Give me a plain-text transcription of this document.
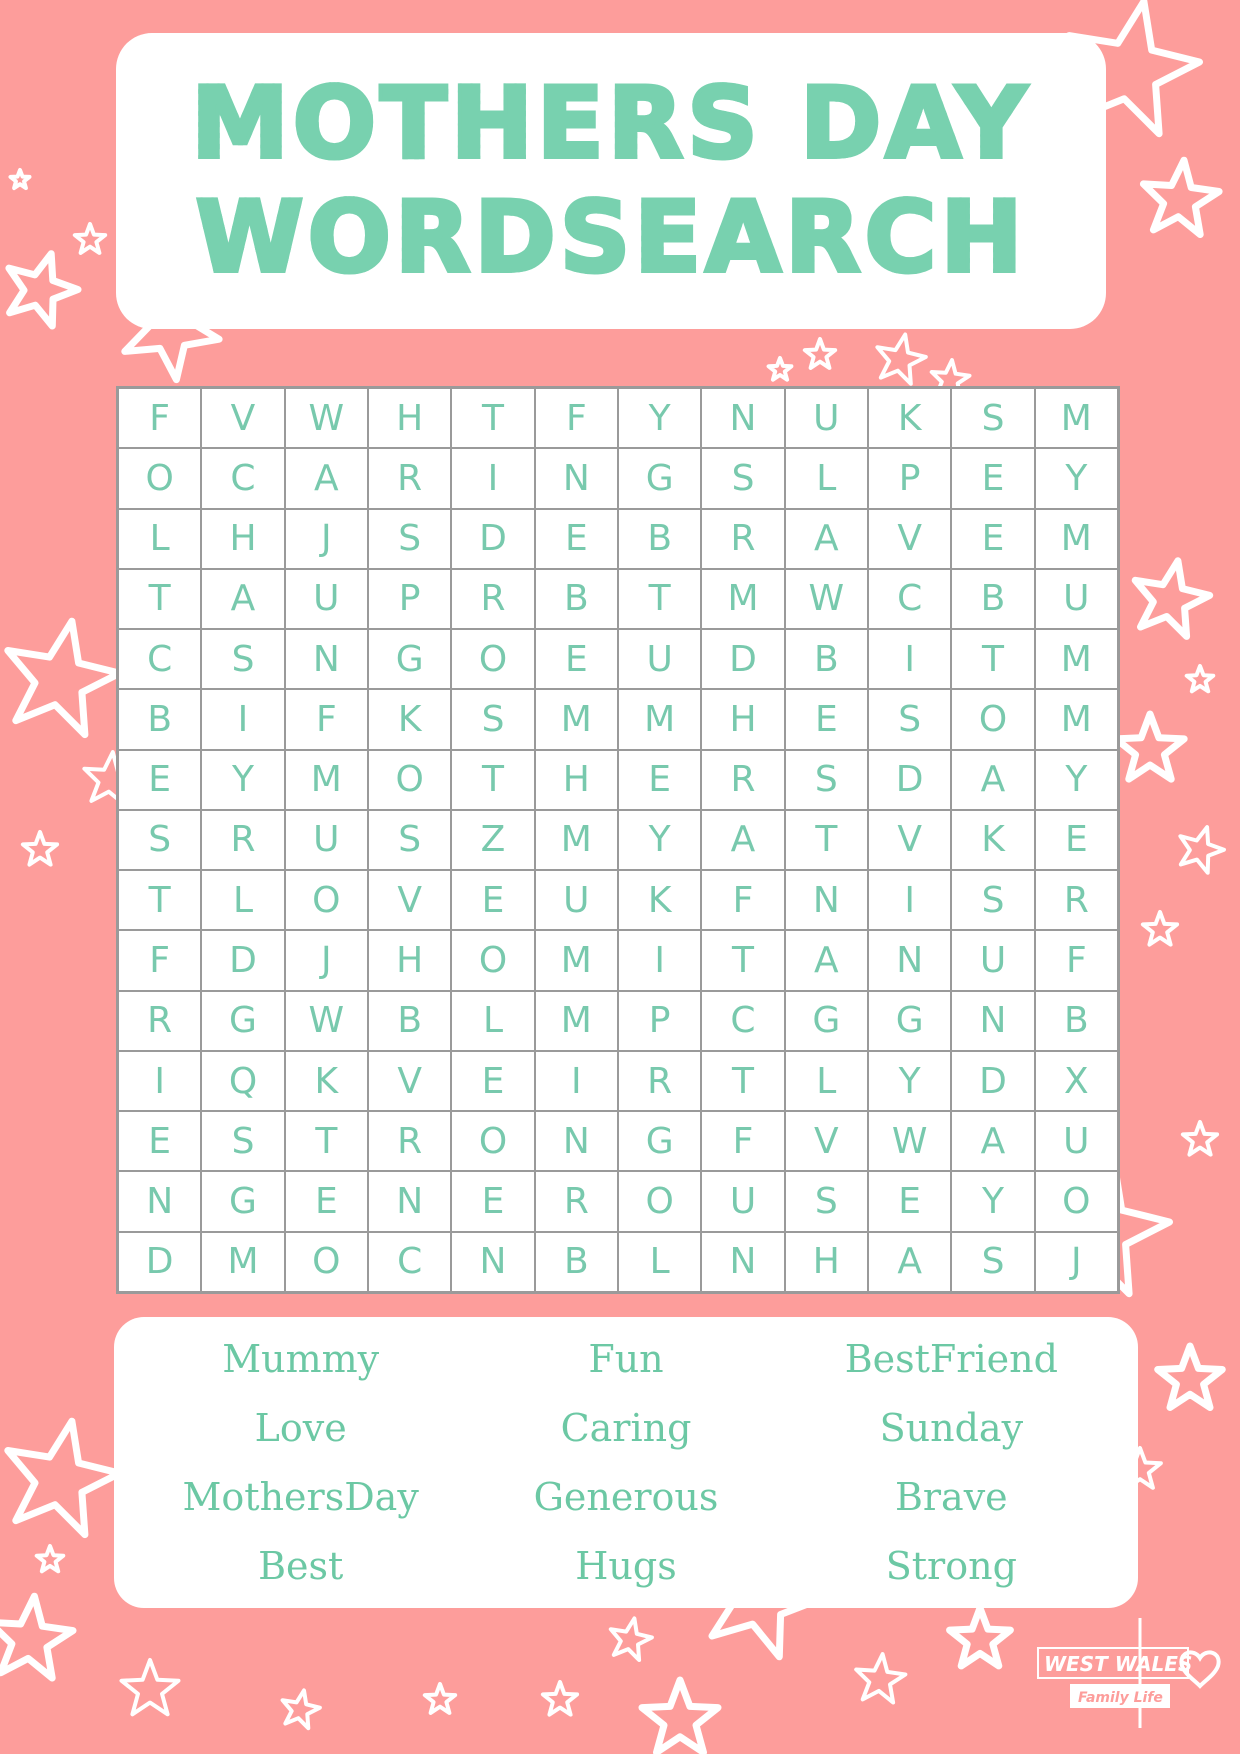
MOTHERS DAY
WORDSEARCH
F	V	W	H	T	F	Y	N	U	K	S	M
O	C	A	R	I	N	G	S	L	P	E	Y
L	H	J	S	D	E	B	R	A	V	E	M
T	A	U	P	R	B	T	M	W	C	B	U
C	S	N	G	O	E	U	D	B	I	T	M
B	I	F	K	S	M	M	H	E	S	O	M
E	Y	M	O	T	H	E	R	S	D	A	Y
S	R	U	S	Z	M	Y	A	T	V	K	E
T	L	O	V	E	U	K	F	N	I	S	R
F	D	J	H	O	M	I	T	A	N	U	F
R	G	W	B	L	M	P	C	G	G	N	B
I	Q	K	V	E	I	R	T	L	Y	D	X
E	S	T	R	O	N	G	F	V	W	A	U
N	G	E	N	E	R	O	U	S	E	Y	O
D	M	O	C	N	B	L	N	H	A	S	J
Mummy	Fun	BestFriend
Love	Caring	Sunday
MothersDay	Generous	Brave
Best	Hugs	Strong
WEST WALES
Family Life
